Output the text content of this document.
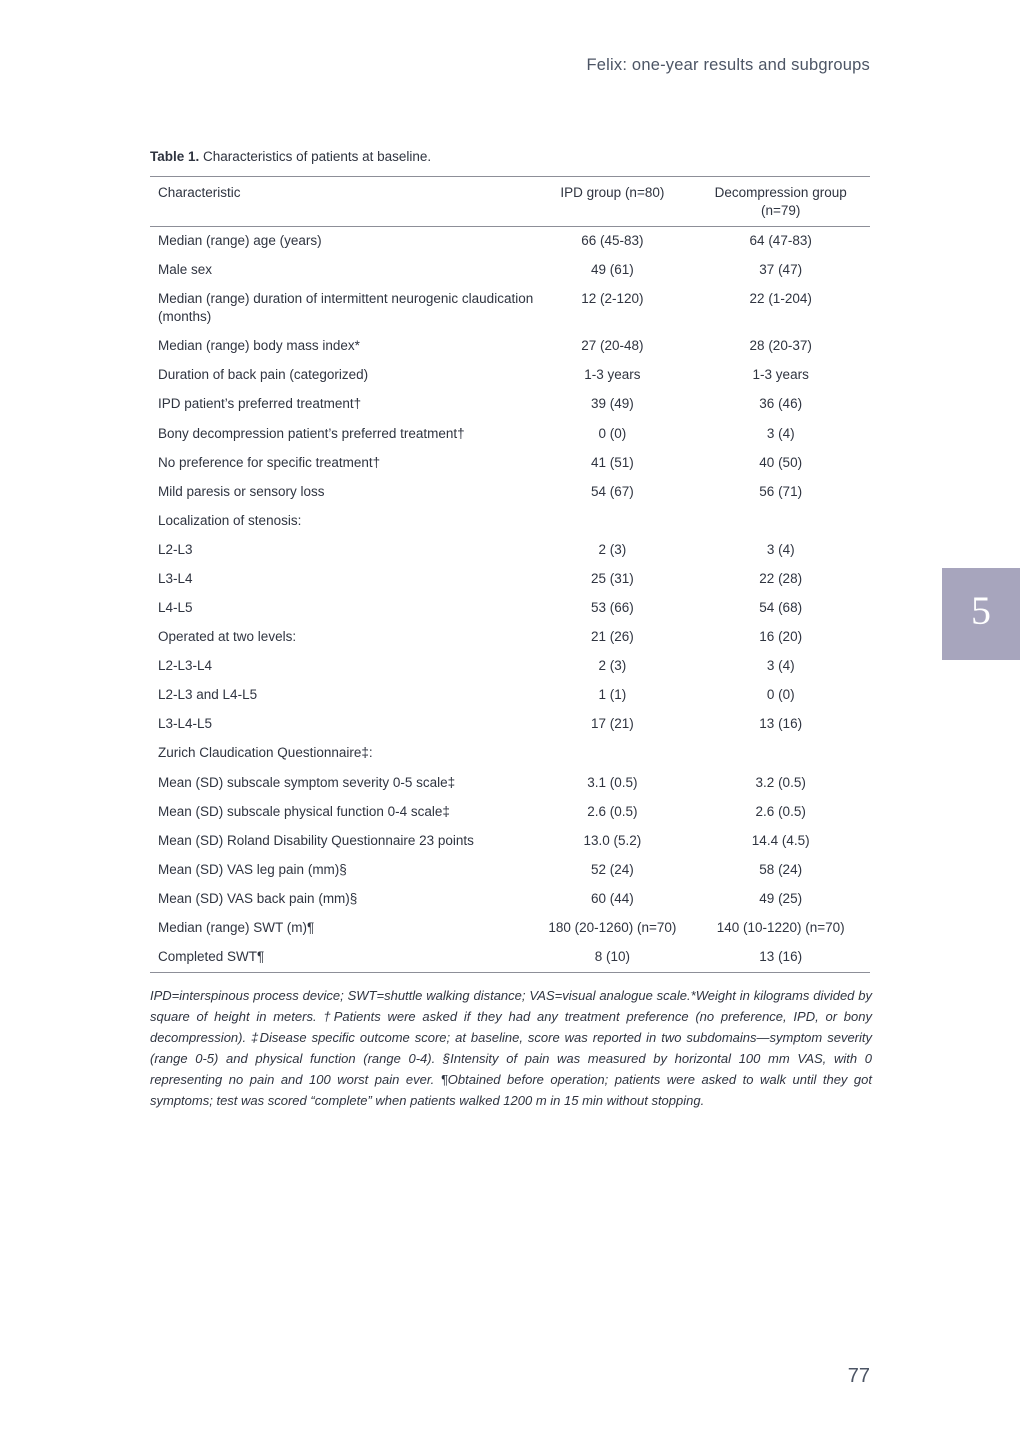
Felix: one-year results and subgroups
5
Table 1. Characteristics of patients at baseline.
Characteristic	IPD group (n=80)	Decompression group
(n=79)

Median (range) age (years)	66 (45-83)	64 (47-83)
Male sex	49 (61)	37 (47)
Median (range) duration of intermittent neurogenic claudication (months)	12 (2-120)	22 (1-204)
Median (range) body mass index*	27 (20-48)	28 (20-37)
Duration of back pain (categorized)	1-3 years	1-3 years
IPD patient’s preferred treatment†	39 (49)	36 (46)
Bony decompression patient’s preferred treatment†	0 (0)	3 (4)
No preference for specific treatment†	41 (51)	40 (50)
Mild paresis or sensory loss	54 (67)	56 (71)
Localization of stenosis:		
L2-L3	2 (3)	3 (4)
L3-L4	25 (31)	22 (28)
L4-L5	53 (66)	54 (68)
Operated at two levels:	21 (26)	16 (20)
L2-L3-L4	2 (3)	3 (4)
L2-L3 and L4-L5	1 (1)	0 (0)
L3-L4-L5	17 (21)	13 (16)
Zurich Claudication Questionnaire‡:		
Mean (SD) subscale symptom severity 0-5 scale‡	3.1 (0.5)	3.2 (0.5)
Mean (SD) subscale physical function 0-4 scale‡	2.6 (0.5)	2.6 (0.5)
Mean (SD) Roland Disability Questionnaire 23 points	13.0 (5.2)	14.4 (4.5)
Mean (SD) VAS leg pain (mm)§	52 (24)	58 (24)
Mean (SD) VAS back pain (mm)§	60 (44)	49 (25)
Median (range) SWT (m)¶	180 (20-1260) (n=70)	140 (10-1220) (n=70)
Completed SWT¶	8 (10)	13 (16)
IPD=interspinous process device; SWT=shuttle walking distance; VAS=visual analogue scale.*Weight in kilograms divided by square of height in meters. †Patients were asked if they had any treatment preference (no preference, IPD, or bony decompression). ‡Disease specific outcome score; at baseline, score was reported in two subdomains—symptom severity (range 0-5) and physical function (range 0-4). §Intensity of pain was measured by horizontal 100 mm VAS, with 0 representing no pain and 100 worst pain ever. ¶Obtained before operation; patients were asked to walk until they got symptoms; test was scored “complete” when patients walked 1200 m in 15 min without stopping.
77
